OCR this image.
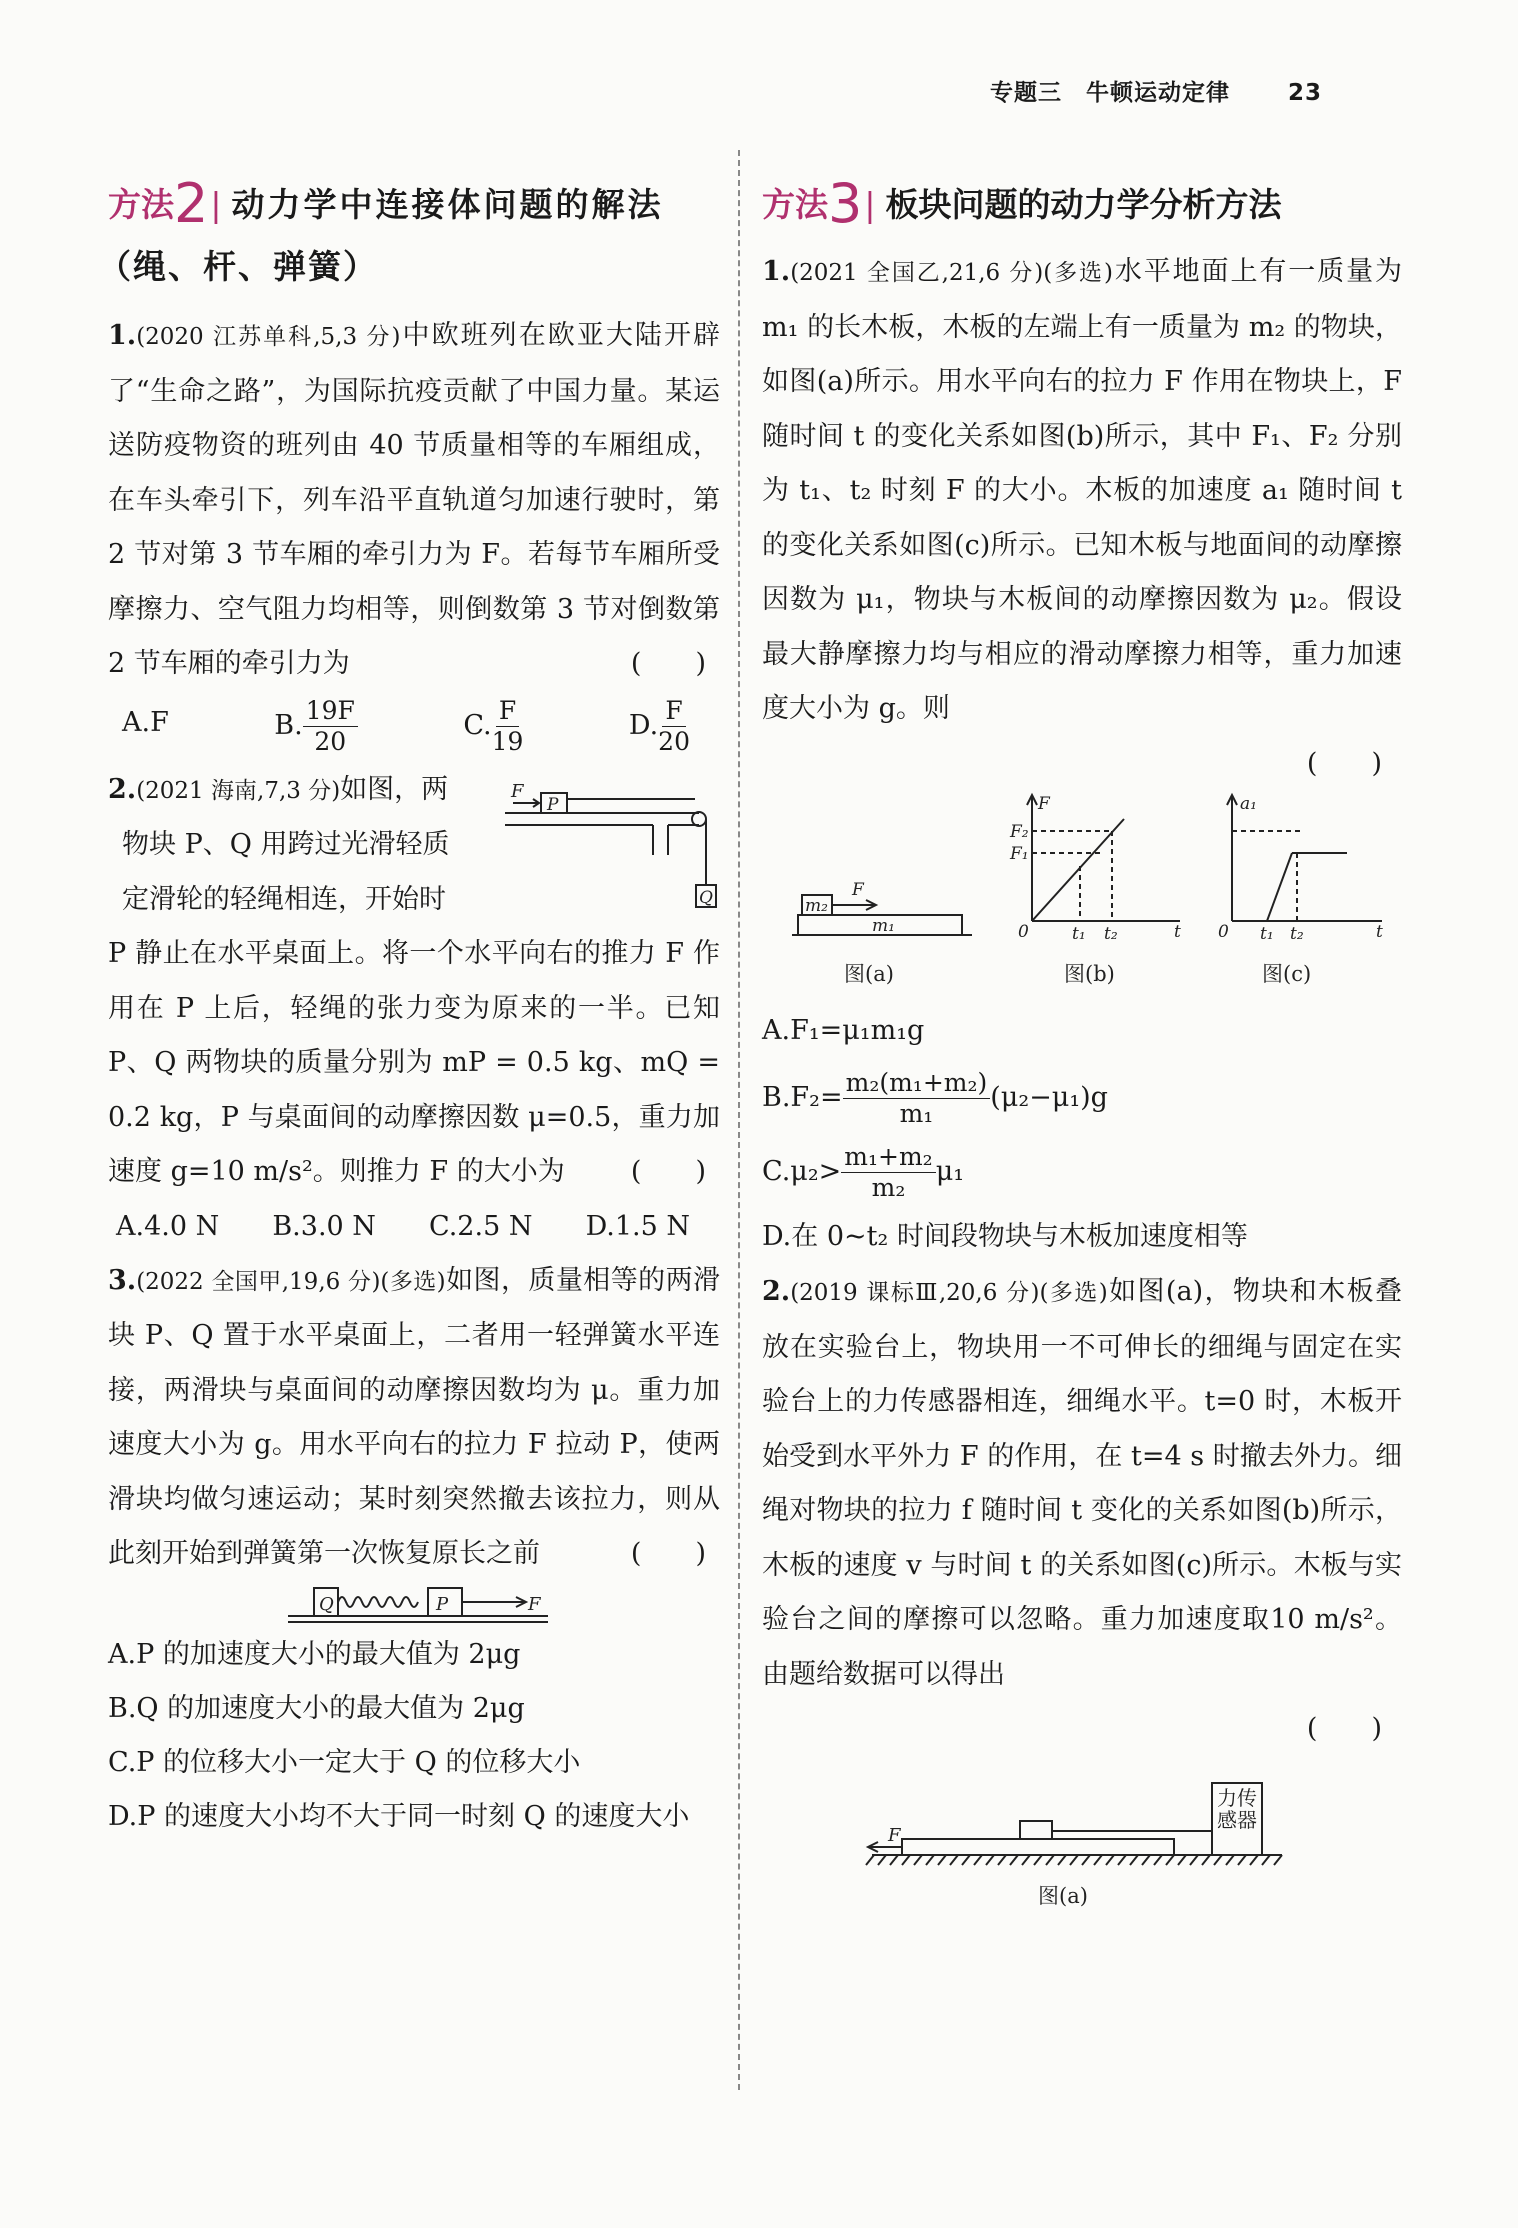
专题三　牛顿运动定律	23
方法2| 动力学中连接体问题的解法
（绳、杆、弹簧）

1.(2020 江苏单科,5,3 分)中欧班列在欧亚大陆开辟了“生命之路”，为国际抗疫贡献了中国力量。某运送防疫物资的班列由 40 节质量相等的车厢组成，在车头牵引下，列车沿平直轨道匀加速行驶时，第 2 节对第 3 节车厢的牵引力为 F。若每节车厢所受摩擦力、空气阻力均相等，则倒数第 3 节对倒数第 2 节车厢的牵引力为	(　　)

A.F	B. $\frac{19F}{20}$	C. $\frac{F}{19}$	D. $\frac{F}{20}$

2.(2021 海南,7,3 分)如图，两
物块 P、Q 用跨过光滑轻质
定滑轮的轻绳相连，开始时
P 静止在水平桌面上。将一个水平向右的推力 F 作用在 P 上后，轻绳的张力变为原来的一半。已知 P、Q 两物块的质量分别为 mP = 0.5 kg、mQ = 0.2 kg，P 与桌面间的动摩擦因数 μ=0.5，重力加速度 g=10 m/s²。则推力 F 的大小为 (　　)

F
P
Q
A.4.0 N B.3.0 N C.2.5 N D.1.5 N

3.(2022 全国甲,19,6 分)(多选)如图，质量相等的两滑块 P、Q 置于水平桌面上，二者用一轻弹簧水平连接，两滑块与桌面间的动摩擦因数均为 μ。重力加速度大小为 g。用水平向右的拉力 F 拉动 P，使两滑块均做匀速运动；某时刻突然撤去该拉力，则从此刻开始到弹簧第一次恢复原长之前	(　　)

Q	P	F
A.P 的加速度大小的最大值为 2μg
B.Q 的加速度大小的最大值为 2μg
C.P 的位移大小一定大于 Q 的位移大小
D.P 的速度大小均不大于同一时刻 Q 的速度大小
方法3| 板块问题的动力学分析方法

1.(2021 全国乙,21,6 分)(多选)水平地面上有一质量为 m₁ 的长木板，木板的左端上有一质量为 m₂ 的物块，如图(a)所示。用水平向右的拉力 F 作用在物块上，F 随时间 t 的变化关系如图(b)所示，其中 F₁、F₂ 分别为 t₁、t₂ 时刻 F 的大小。木板的加速度 a₁ 随时间 t 的变化关系如图(c)所示。已知木板与地面间的动摩擦因数为 μ₁，物块与木板间的动摩擦因数为 μ₂。假设最大静摩擦力均与相应的滑动摩擦力相等，重力加速度大小为 g。则
(　　)

m₂
m₁
F
F
F₂
F₁
0	t₁ t₂	t
a₁
0 t₁ t₂	t
图(a)	图(b)	图(c)
A.F₁=μ₁m₁g
$B.F_2= \frac{\text{m₂(m₁+m₂)}}{\text{m₁}} (\mu_2-\mu_1)g$
$C.\mu_2> \frac{\text{m₁+m₂}}{\text{m₂}} \mu_1$
D.在 0~t₂ 时间段物块与木板加速度相等

2.(2019 课标Ⅲ,20,6 分)(多选)如图(a)，物块和木板叠放在实验台上，物块用一不可伸长的细绳与固定在实验台上的力传感器相连，细绳水平。t=0 时，木板开始受到水平外力 F 的作用，在 t=4 s 时撤去外力。细绳对物块的拉力 f 随时间 t 变化的关系如图(b)所示，木板的速度 v 与时间 t 的关系如图(c)所示。木板与实验台之间的摩擦可以忽略。重力加速度取10 m/s²。由题给数据可以得出
(　　)

F
力传感器
图(a)
